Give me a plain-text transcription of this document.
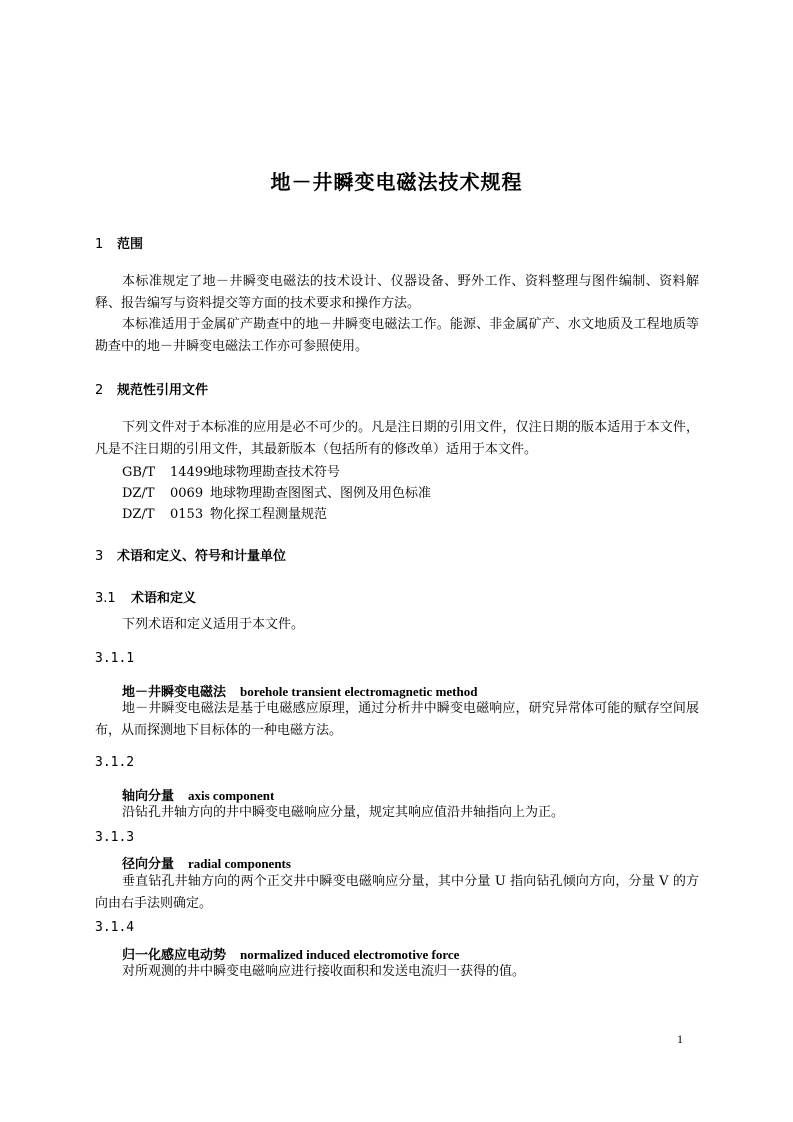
地－井瞬变电磁法技术规程
1 范围
本标准规定了地－井瞬变电磁法的技术设计、仪器设备、野外工作、资料整理与图件编制、资料解释、报告编写与资料提交等方面的技术要求和操作方法。
本标准适用于金属矿产勘查中的地－井瞬变电磁法工作。能源、非金属矿产、水文地质及工程地质等勘查中的地－井瞬变电磁法工作亦可参照使用。
2 规范性引用文件
下列文件对于本标准的应用是必不可少的。凡是注日期的引用文件，仅注日期的版本适用于本文件，凡是不注日期的引用文件，其最新版本（包括所有的修改单）适用于本文件。
GB/T 14499地球物理勘查技术符号
DZ/T 0069 地球物理勘查图图式、图例及用色标准
DZ/T 0153 物化探工程测量规范
3 术语和定义、符号和计量单位
3.1 术语和定义
下列术语和定义适用于本文件。
3.1.1
地－井瞬变电磁法 borehole transient electromagnetic method
地－井瞬变电磁法是基于电磁感应原理，通过分析井中瞬变电磁响应，研究异常体可能的赋存空间展布，从而探测地下目标体的一种电磁方法。
3.1.2
轴向分量 axis component
沿钻孔井轴方向的井中瞬变电磁响应分量，规定其响应值沿井轴指向上为正。
3.1.3
径向分量 radial components
垂直钻孔井轴方向的两个正交井中瞬变电磁响应分量，其中分量 U 指向钻孔倾向方向，分量 V 的方向由右手法则确定。
3.1.4
归一化感应电动势 normalized induced electromotive force
对所观测的井中瞬变电磁响应进行接收面积和发送电流归一获得的值。
1
